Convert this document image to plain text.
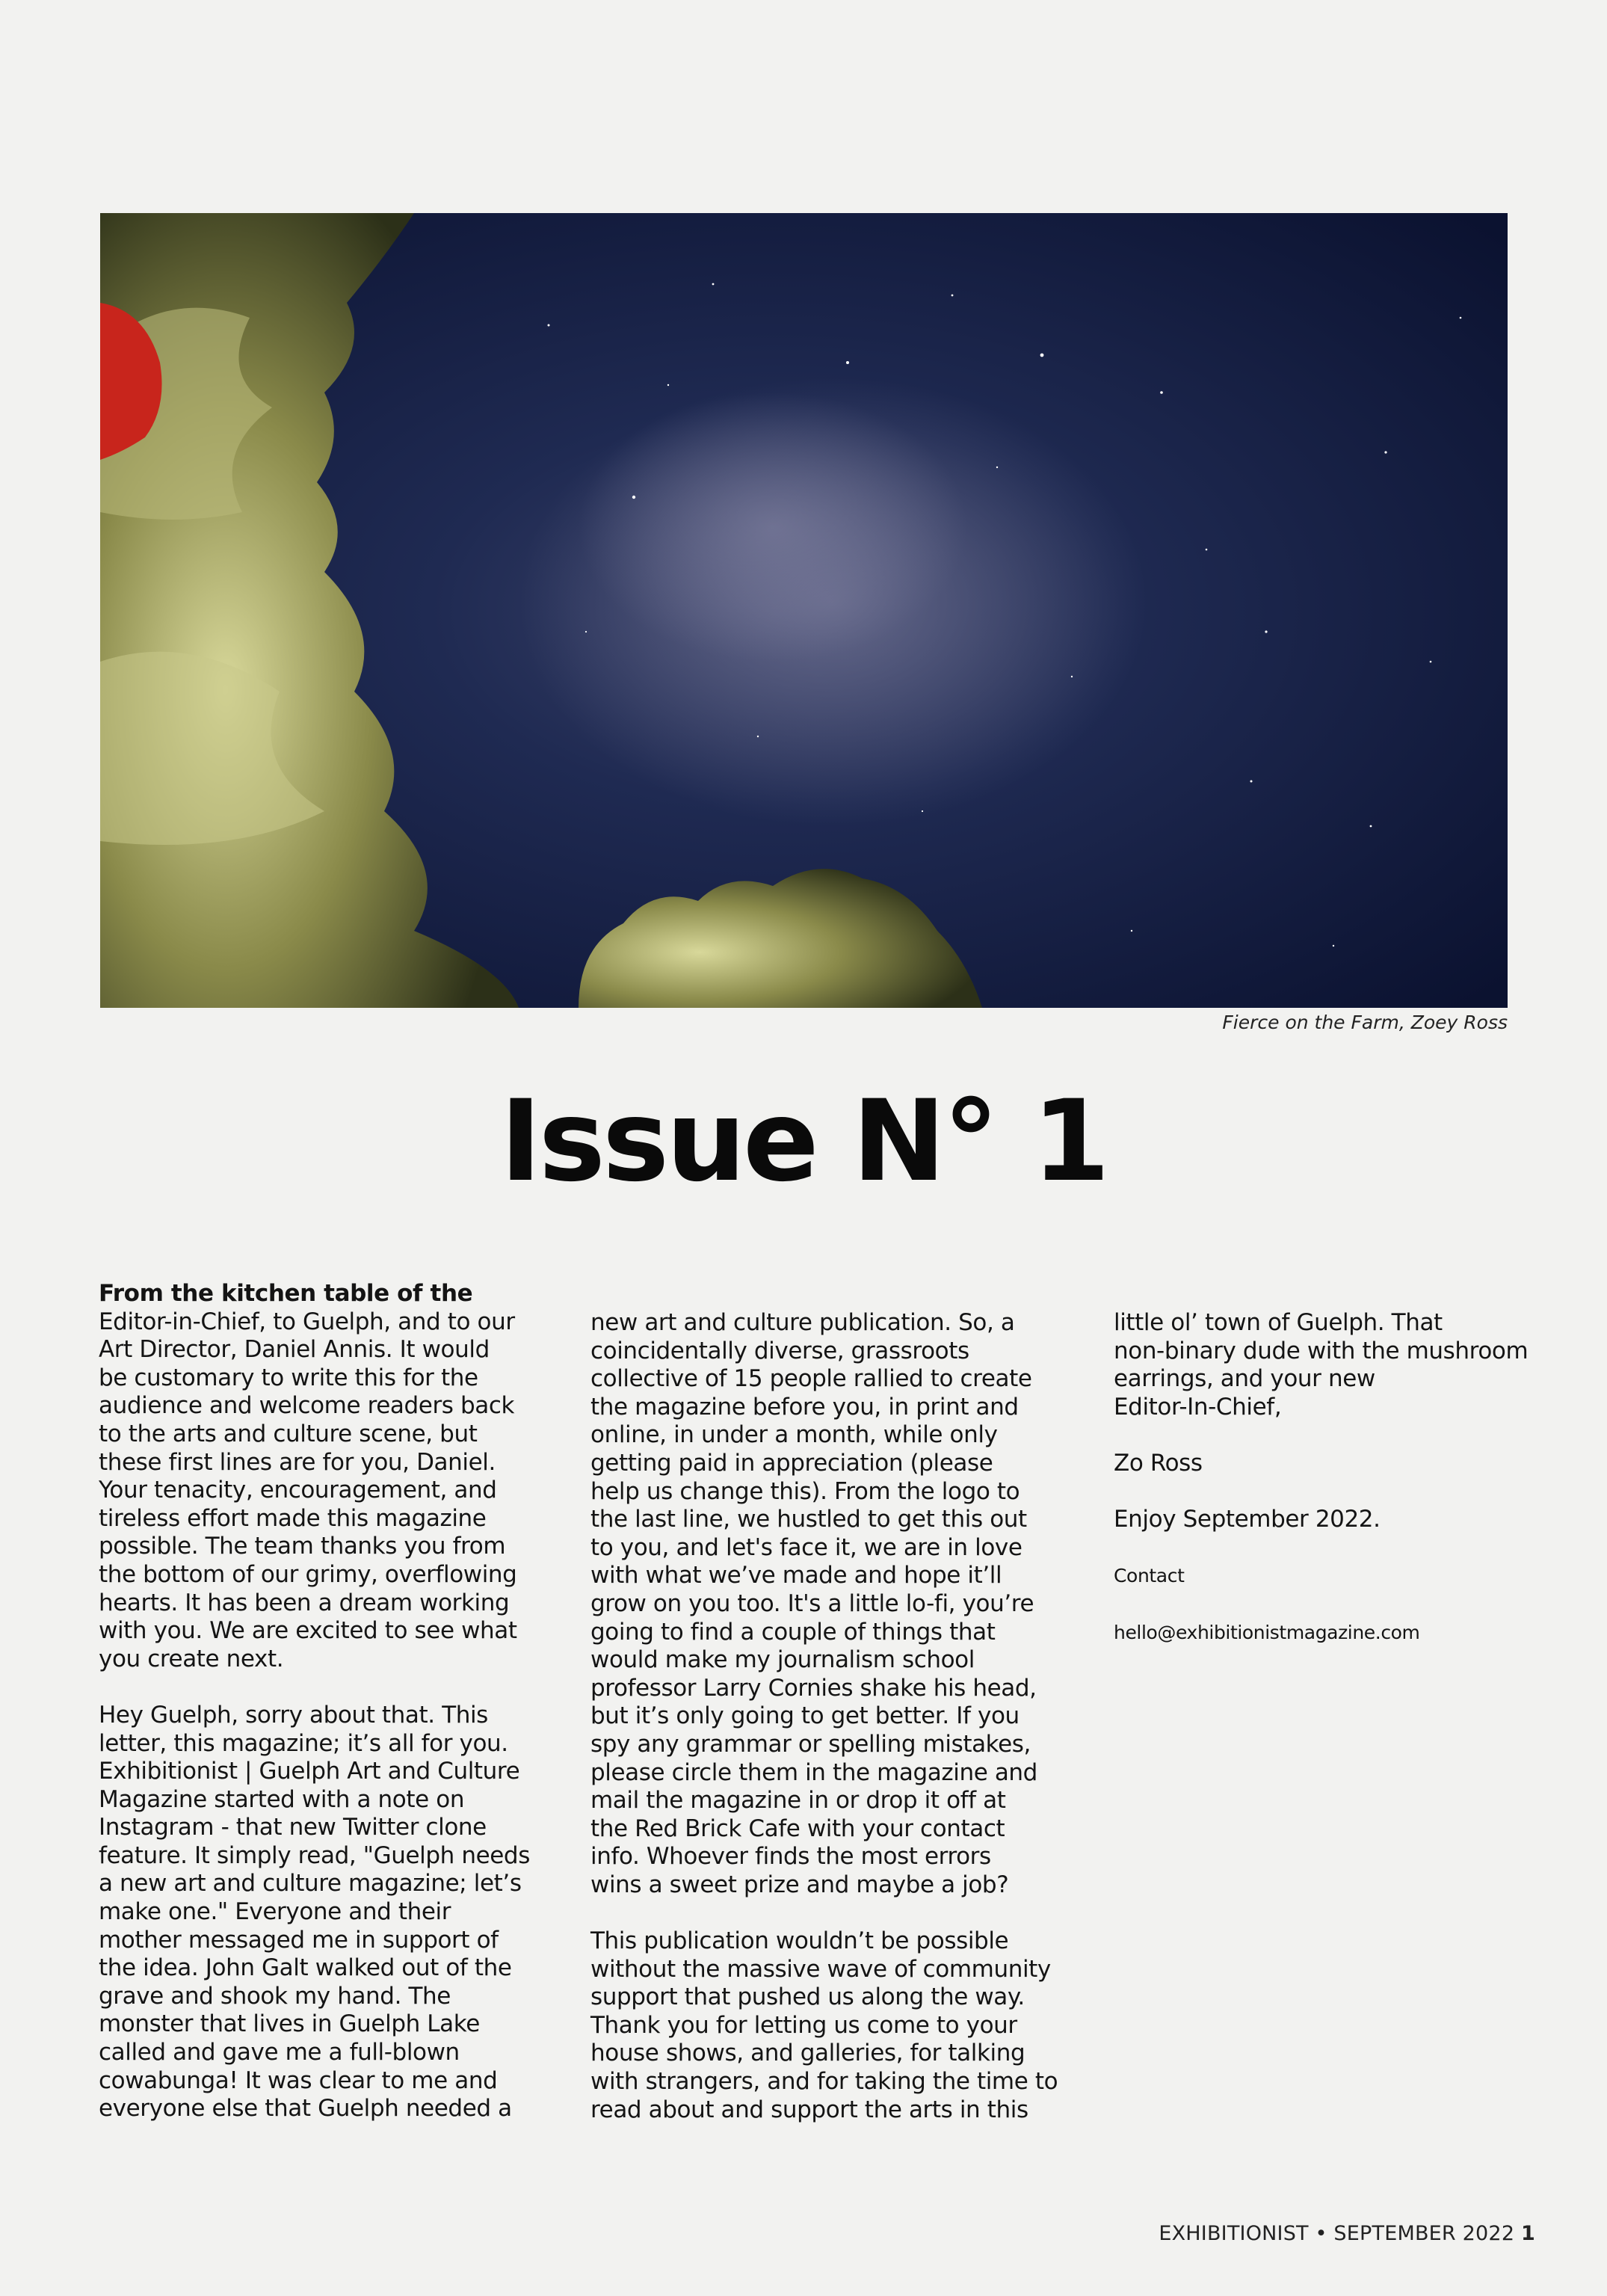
Fierce on the Farm, Zoey Ross
Issue N° 1

From the kitchen table of the
Editor-in-Chief, to Guelph, and to our
Art Director, Daniel Annis. It would
be customary to write this for the
audience and welcome readers back
to the arts and culture scene, but
these first lines are for you, Daniel.
Your tenacity, encouragement, and
tireless effort made this magazine
possible. The team thanks you from
the bottom of our grimy, overflowing
hearts. It has been a dream working
with you. We are excited to see what
you create next.

Hey Guelph, sorry about that. This
letter, this magazine; it’s all for you.
Exhibitionist | Guelph Art and Culture
Magazine started with a note on
Instagram - that new Twitter clone
feature. It simply read, "Guelph needs
a new art and culture magazine; let’s
make one." Everyone and their
mother messaged me in support of
the idea. John Galt walked out of the
grave and shook my hand. The
monster that lives in Guelph Lake
called and gave me a full-blown
cowabunga! It was clear to me and
everyone else that Guelph needed a

new art and culture publication. So, a
coincidentally diverse, grassroots
collective of 15 people rallied to create
the magazine before you, in print and
online, in under a month, while only
getting paid in appreciation (please
help us change this). From the logo to
the last line, we hustled to get this out
to you, and let's face it, we are in love
with what we’ve made and hope it’ll
grow on you too. It's a little lo-fi, you’re
going to find a couple of things that
would make my journalism school
professor Larry Cornies shake his head,
but it’s only going to get better. If you
spy any grammar or spelling mistakes,
please circle them in the magazine and
mail the magazine in or drop it off at
the Red Brick Cafe with your contact
info. Whoever finds the most errors
wins a sweet prize and maybe a job?

This publication wouldn’t be possible
without the massive wave of community
support that pushed us along the way.
Thank you for letting us come to your
house shows, and galleries, for talking
with strangers, and for taking the time to
read about and support the arts in this

little ol’ town of Guelph. That
non-binary dude with the mushroom
earrings, and your new
Editor-In-Chief,

Zo Ross

Enjoy September 2022.

Contact

hello@exhibitionistmagazine.com

EXHIBITIONIST • SEPTEMBER 2022 1
